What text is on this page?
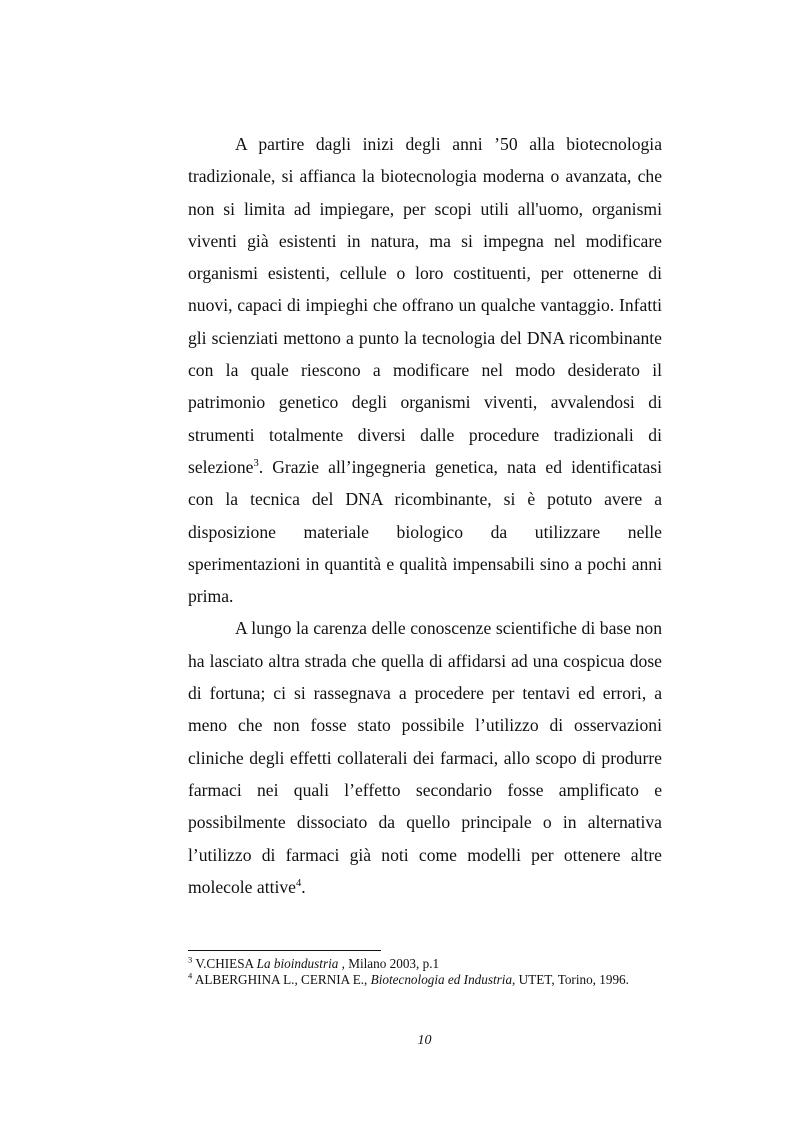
A partire dagli inizi degli anni ’50 alla biotecnologia tradizionale, si affianca la biotecnologia moderna o avanzata, che non si limita ad impiegare, per scopi utili all'uomo, organismi viventi già esistenti in natura, ma si impegna nel modificare organismi esistenti, cellule o loro costituenti, per ottenerne di nuovi, capaci di impieghi che offrano un qualche vantaggio. Infatti gli scienziati mettono a punto la tecnologia del DNA ricombinante con la quale riescono a modificare nel modo desiderato il patrimonio genetico degli organismi viventi, avvalendosi di strumenti totalmente diversi dalle procedure tradizionali di selezione$^3$. Grazie all’ingegneria genetica, nata ed identificatasi con la tecnica del DNA ricombinante, si è potuto avere a disposizione materiale biologico da utilizzare nelle sperimentazioni in quantità e qualità impensabili sino a pochi anni prima.

A lungo la carenza delle conoscenze scientifiche di base non ha lasciato altra strada che quella di affidarsi ad una cospicua dose di fortuna; ci si rassegnava a procedere per tentavi ed errori, a meno che non fosse stato possibile l’utilizzo di osservazioni cliniche degli effetti collaterali dei farmaci, allo scopo di produrre farmaci nei quali l’effetto secondario fosse amplificato e possibilmente dissociato da quello principale o in alternativa l’utilizzo di farmaci già noti come modelli per ottenere altre molecole attive$^4$.

$^3$ V.CHIESA La bioindustria , Milano 2003, p.1

$^4$ ALBERGHINA L., CERNIA E., Biotecnologia ed Industria, UTET, Torino, 1996.

10
